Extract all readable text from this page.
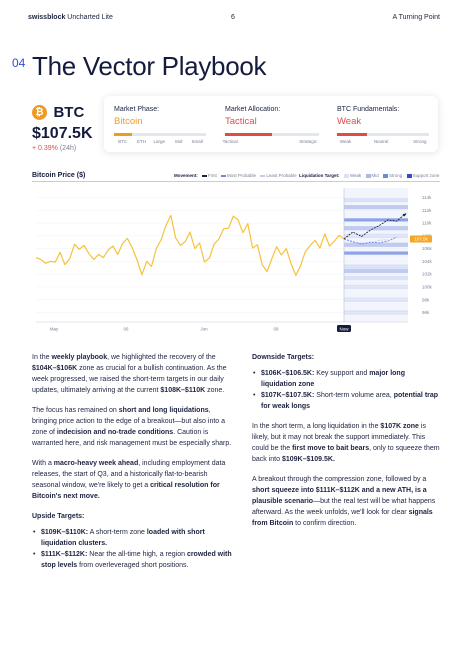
swissblock Uncharted Lite	6	A Turning Point
04 The Vector Playbook
₿ BTC
$107.5K
+ 0.39% (24h)
Market Phase:
Bitcoin
BTC ETH Large Mid Small
Market Allocation:
Tactical
Tactical	Strategic
BTC Fundamentals:
Weak
Weak	Neutral	Strong
Bitcoin Price ($)	Movement: First Most Probable Least Probable Liquidation Target: Weak Mid Strong Support zone
114k
112k
110k
106k
104k
102k
100k
98k
96k
May	06	Jun	08	Now
107.5k

In the weekly playbook, we highlighted the recovery of the $104K–$106K zone as crucial for a bullish continuation. As the week progressed, we raised the short-term targets in our daily updates, ultimately arriving at the current $108K–$110K zone.

The focus has remained on short and long liquidations, bringing price action to the edge of a breakout—but also into a zone of indecision and no-trade conditions. Caution is warranted here, and risk management must be especially sharp.

With a macro-heavy week ahead, including employment data releases, the start of Q3, and a historically flat-to-bearish seasonal window, we're likely to get a critical resolution for Bitcoin's next move.

Upside Targets:
• $109K–$110K: A short-term zone loaded with short liquidation clusters.
• $111K–$112K: Near the all-time high, a region crowded with stop levels from overleveraged short positions.
Downside Targets:
• $106K–$106.5K: Key support and major long liquidation zone
• $107K–$107.5K: Short-term volume area, potential trap for weak longs

In the short term, a long liquidation in the $107K zone is likely, but it may not break the support immediately. This could be the first move to bait bears, only to squeeze them back into $109K–$109.5K.

A breakout through the compression zone, followed by a short squeeze into $111K–$112K and a new ATH, is a plausible scenario—but the real test will be what happens afterward. As the week unfolds, we'll look for clear signals from Bitcoin to confirm direction.
